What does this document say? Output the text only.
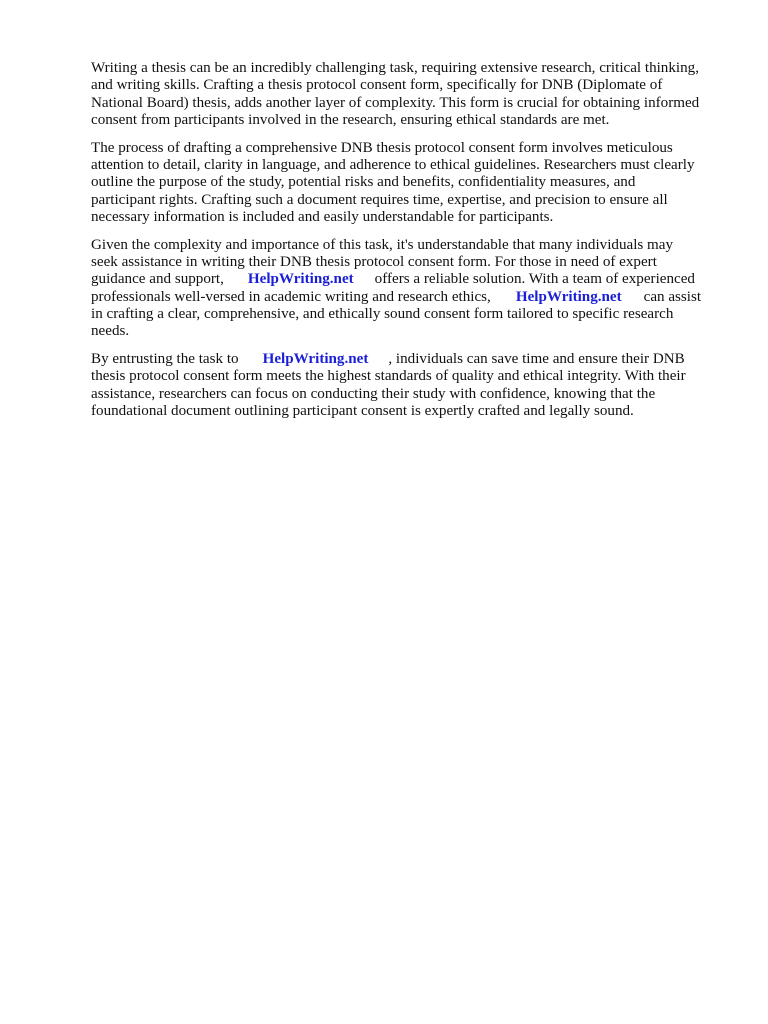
Writing a thesis can be an incredibly challenging task, requiring extensive research, critical thinking,
and writing skills. Crafting a thesis protocol consent form, specifically for DNB (Diplomate of
National Board) thesis, adds another layer of complexity. This form is crucial for obtaining informed
consent from participants involved in the research, ensuring ethical standards are met.
The process of drafting a comprehensive DNB thesis protocol consent form involves meticulous
attention to detail, clarity in language, and adherence to ethical guidelines. Researchers must clearly
outline the purpose of the study, potential risks and benefits, confidentiality measures, and
participant rights. Crafting such a document requires time, expertise, and precision to ensure all
necessary information is included and easily understandable for participants.
Given the complexity and importance of this task, it's understandable that many individuals may
seek assistance in writing their DNB thesis protocol consent form. For those in need of expert
guidance and support, HelpWriting.net offers a reliable solution. With a team of experienced
professionals well-versed in academic writing and research ethics, HelpWriting.net can assist
in crafting a clear, comprehensive, and ethically sound consent form tailored to specific research
needs.
By entrusting the task to HelpWriting.net , individuals can save time and ensure their DNB
thesis protocol consent form meets the highest standards of quality and ethical integrity. With their
assistance, researchers can focus on conducting their study with confidence, knowing that the
foundational document outlining participant consent is expertly crafted and legally sound.
